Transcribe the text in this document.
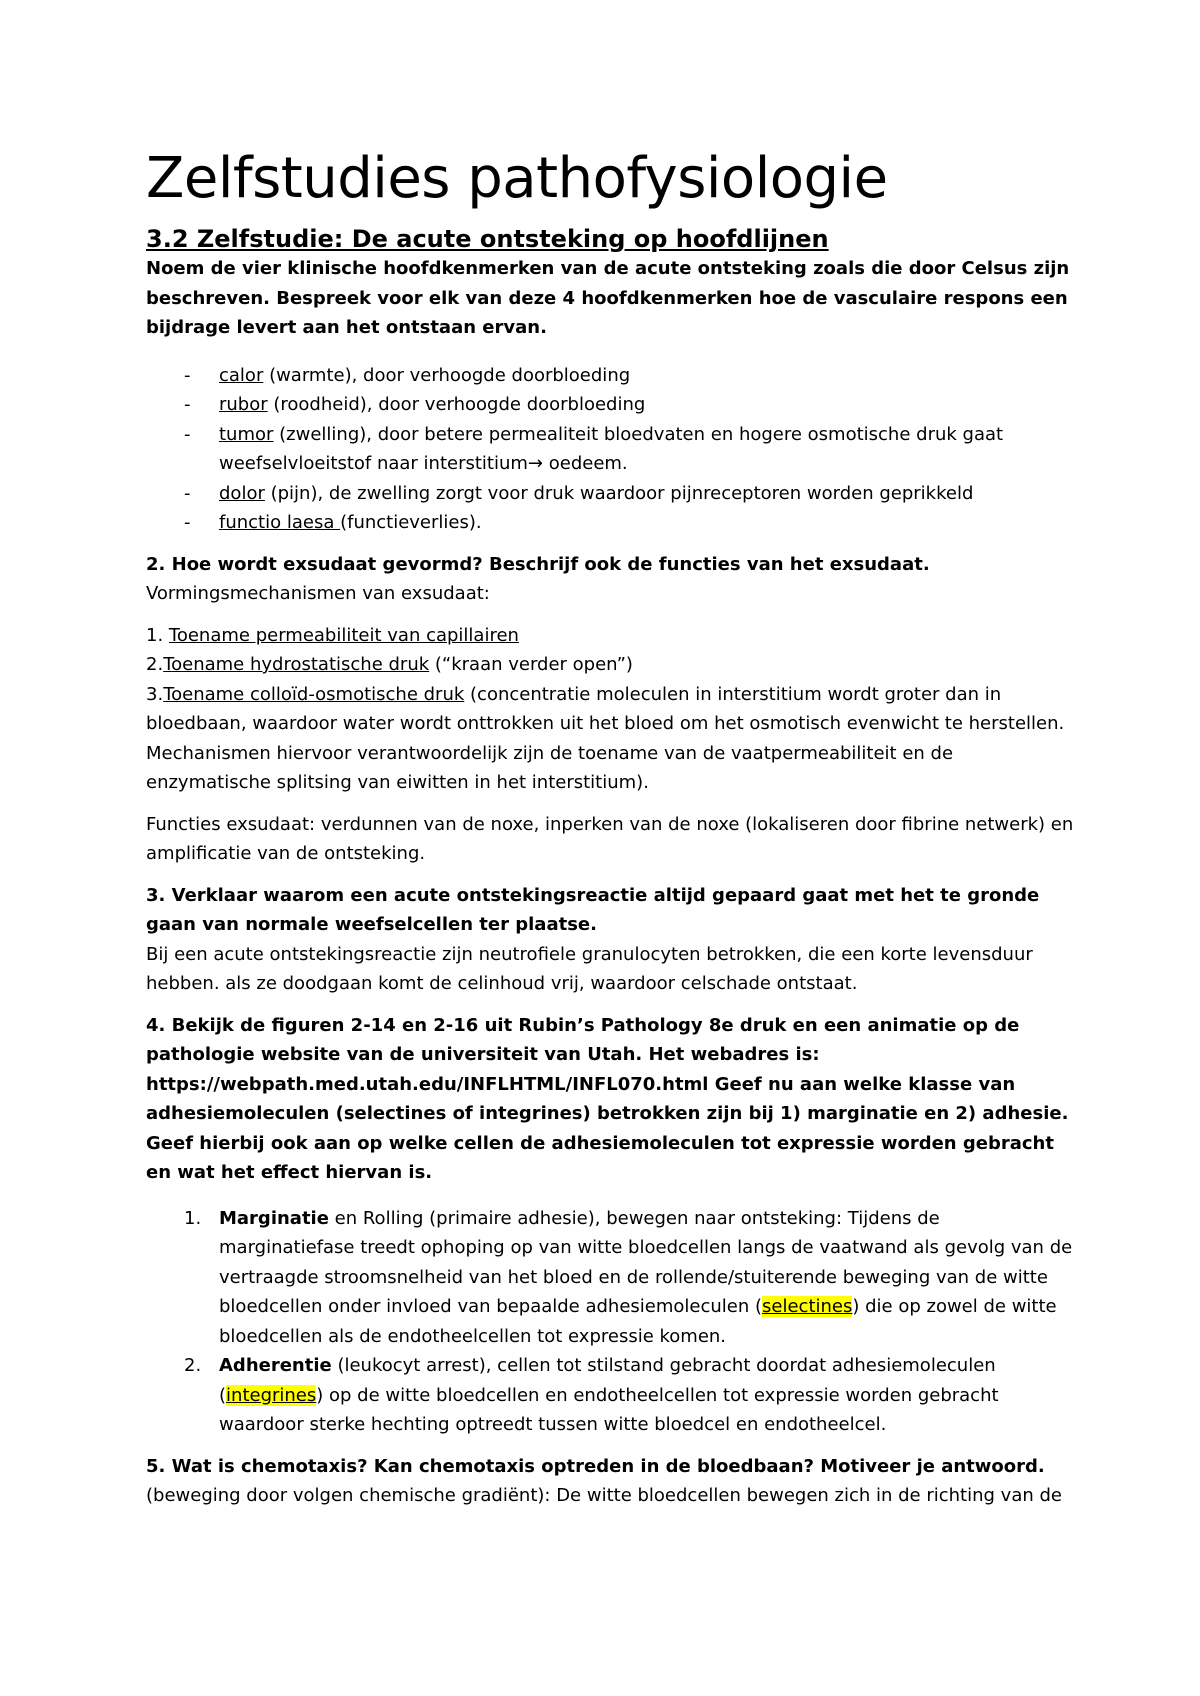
Zelfstudies pathofysiologie
3.2 Zelfstudie: De acute ontsteking op hoofdlijnen

Noem de vier klinische hoofdkenmerken van de acute ontsteking zoals die door Celsus zijn beschreven. Bespreek voor elk van deze 4 hoofdkenmerken hoe de vasculaire respons een bijdrage levert aan het ontstaan ervan.

- calor (warmte), door verhoogde doorbloeding
- rubor (roodheid), door verhoogde doorbloeding
- tumor (zwelling), door betere permealiteit bloedvaten en hogere osmotische druk gaat weefselvloeitstof naar interstitium→ oedeem.
- dolor (pijn), de zwelling zorgt voor druk waardoor pijnreceptoren worden geprikkeld
- functio laesa (functieverlies).

2. Hoe wordt exsudaat gevormd? Beschrijf ook de functies van het exsudaat.

Vormingsmechanismen van exsudaat:

1. Toename permeabiliteit van capillairen

2.Toename hydrostatische druk (“kraan verder open”)

3.Toename colloïd-osmotische druk (concentratie moleculen in interstitium wordt groter dan in bloedbaan, waardoor water wordt onttrokken uit het bloed om het osmotisch evenwicht te herstellen. Mechanismen hiervoor verantwoordelijk zijn de toename van de vaatpermeabiliteit en de enzymatische splitsing van eiwitten in het interstitium).

Functies exsudaat: verdunnen van de noxe, inperken van de noxe (lokaliseren door fibrine netwerk) en amplificatie van de ontsteking.

3. Verklaar waarom een acute ontstekingsreactie altijd gepaard gaat met het te gronde gaan van normale weefselcellen ter plaatse.

Bij een acute ontstekingsreactie zijn neutrofiele granulocyten betrokken, die een korte levensduur hebben. als ze doodgaan komt de celinhoud vrij, waardoor celschade ontstaat.

4. Bekijk de figuren 2-14 en 2-16 uit Rubin’s Pathology 8e druk en een animatie op de pathologie website van de universiteit van Utah. Het webadres is: https://webpath.med.utah.edu/INFLHTML/INFL070.html Geef nu aan welke klasse van adhesiemoleculen (selectines of integrines) betrokken zijn bij 1) marginatie en 2) adhesie. Geef hierbij ook aan op welke cellen de adhesiemoleculen tot expressie worden gebracht en wat het effect hiervan is.

1. Marginatie en Rolling (primaire adhesie), bewegen naar ontsteking: Tijdens de marginatiefase treedt ophoping op van witte bloedcellen langs de vaatwand als gevolg van de vertraagde stroomsnelheid van het bloed en de rollende/stuiterende beweging van de witte bloedcellen onder invloed van bepaalde adhesiemoleculen (selectines) die op zowel de witte bloedcellen als de endotheelcellen tot expressie komen.
2. Adherentie (leukocyt arrest), cellen tot stilstand gebracht doordat adhesiemoleculen (integrines) op de witte bloedcellen en endotheelcellen tot expressie worden gebracht waardoor sterke hechting optreedt tussen witte bloedcel en endotheelcel.

5. Wat is chemotaxis? Kan chemotaxis optreden in de bloedbaan? Motiveer je antwoord.

(beweging door volgen chemische gradiënt): De witte bloedcellen bewegen zich in de richting van de
